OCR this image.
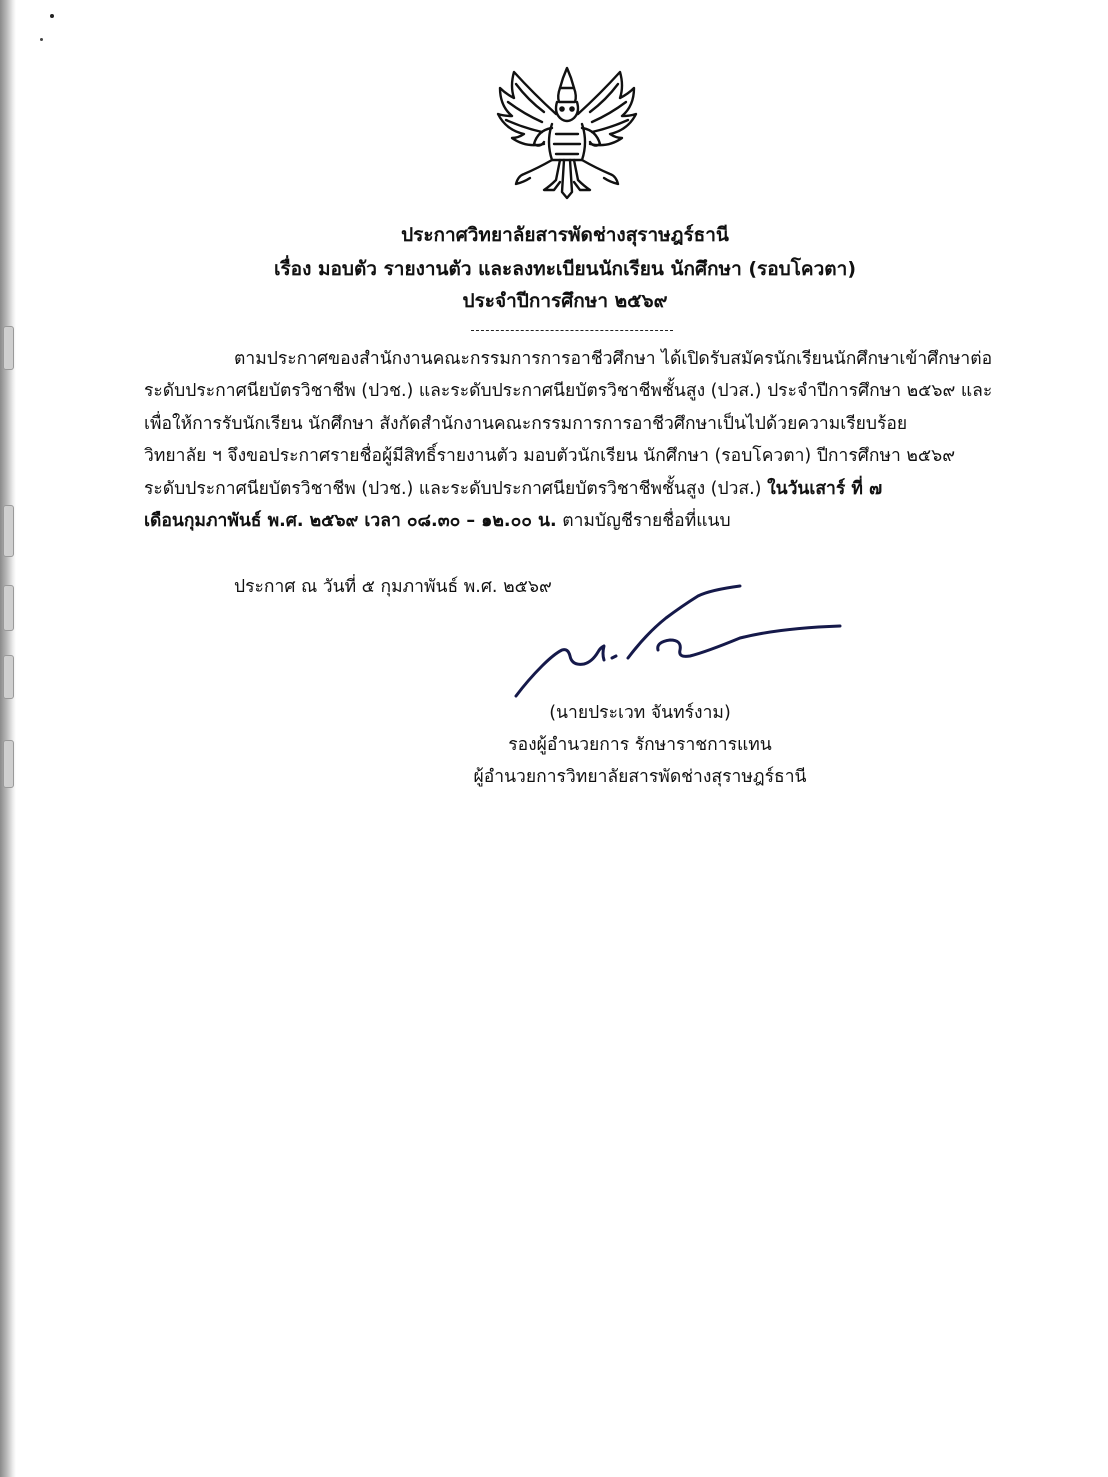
ประกาศวิทยาลัยสารพัดช่างสุราษฎร์ธานี
เรื่อง มอบตัว รายงานตัว และลงทะเบียนนักเรียน นักศึกษา (รอบโควตา)
ประจำปีการศึกษา ๒๕๖๙
ตามประกาศของสำนักงานคณะกรรมการการอาชีวศึกษา ได้เปิดรับสมัครนักเรียนนักศึกษาเข้าศึกษาต่อ
ระดับประกาศนียบัตรวิชาชีพ (ปวช.) และระดับประกาศนียบัตรวิชาชีพชั้นสูง (ปวส.) ประจำปีการศึกษา ๒๕๖๙ และ
เพื่อให้การรับนักเรียน นักศึกษา สังกัดสำนักงานคณะกรรมการการอาชีวศึกษาเป็นไปด้วยความเรียบร้อย
วิทยาลัย ฯ จึงขอประกาศรายชื่อผู้มีสิทธิ์รายงานตัว มอบตัวนักเรียน นักศึกษา (รอบโควตา) ปีการศึกษา ๒๕๖๙
ระดับประกาศนียบัตรวิชาชีพ (ปวช.) และระดับประกาศนียบัตรวิชาชีพชั้นสูง (ปวส.) ในวันเสาร์ ที่ ๗
เดือนกุมภาพันธ์ พ.ศ. ๒๕๖๙ เวลา ๐๘.๓๐ – ๑๒.๐๐ น. ตามบัญชีรายชื่อที่แนบ

ประกาศ ณ วันที่ ๕ กุมภาพันธ์ พ.ศ. ๒๕๖๙

(นายประเวท จันทร์งาม)
รองผู้อำนวยการ รักษาราชการแทน
ผู้อำนวยการวิทยาลัยสารพัดช่างสุราษฎร์ธานี
